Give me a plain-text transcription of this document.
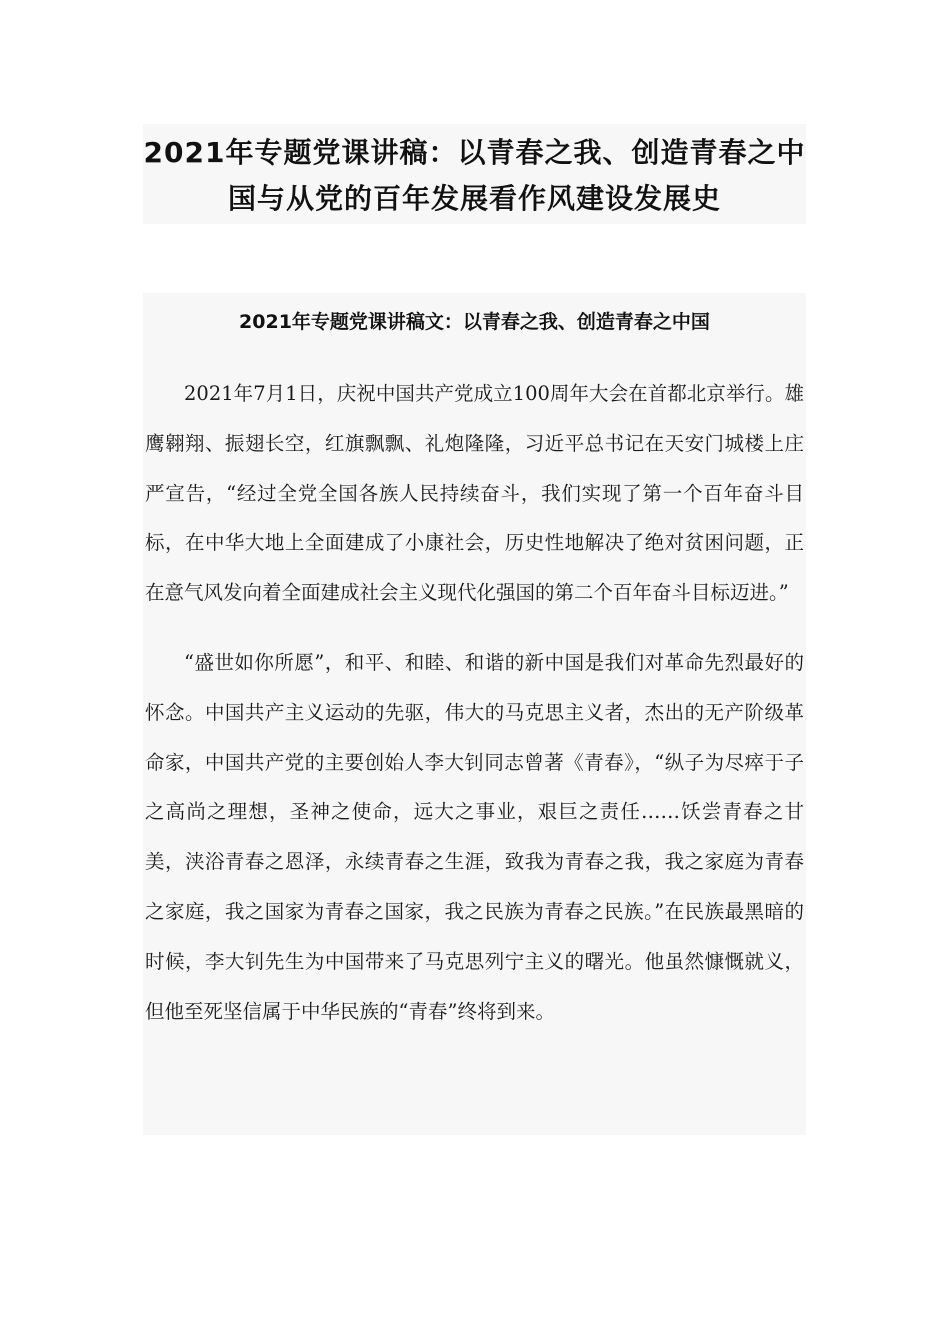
2021年专题党课讲稿：以青春之我、创造青春之中
国与从党的百年发展看作风建设发展史
2021年专题党课讲稿文：以青春之我、创造青春之中国

2021年7月1日，庆祝中国共产党成立100周年大会在首都北京举行。雄鹰翱翔、振翅长空，红旗飘飘、礼炮隆隆，习近平总书记在天安门城楼上庄严宣告，“经过全党全国各族人民持续奋斗，我们实现了第一个百年奋斗目标，在中华大地上全面建成了小康社会，历史性地解决了绝对贫困问题，正在意气风发向着全面建成社会主义现代化强国的第二个百年奋斗目标迈进。”

“盛世如你所愿”，和平、和睦、和谐的新中国是我们对革命先烈最好的怀念。中国共产主义运动的先驱，伟大的马克思主义者，杰出的无产阶级革命家，中国共产党的主要创始人李大钊同志曾著《青春》，“纵子为尽瘁于子之高尚之理想，圣神之使命，远大之事业，艰巨之责任……饫尝青春之甘美，浃浴青春之恩泽，永续青春之生涯，致我为青春之我，我之家庭为青春之家庭，我之国家为青春之国家，我之民族为青春之民族。”在民族最黑暗的时候，李大钊先生为中国带来了马克思列宁主义的曙光。他虽然慷慨就义，但他至死坚信属于中华民族的“青春”终将到来。
